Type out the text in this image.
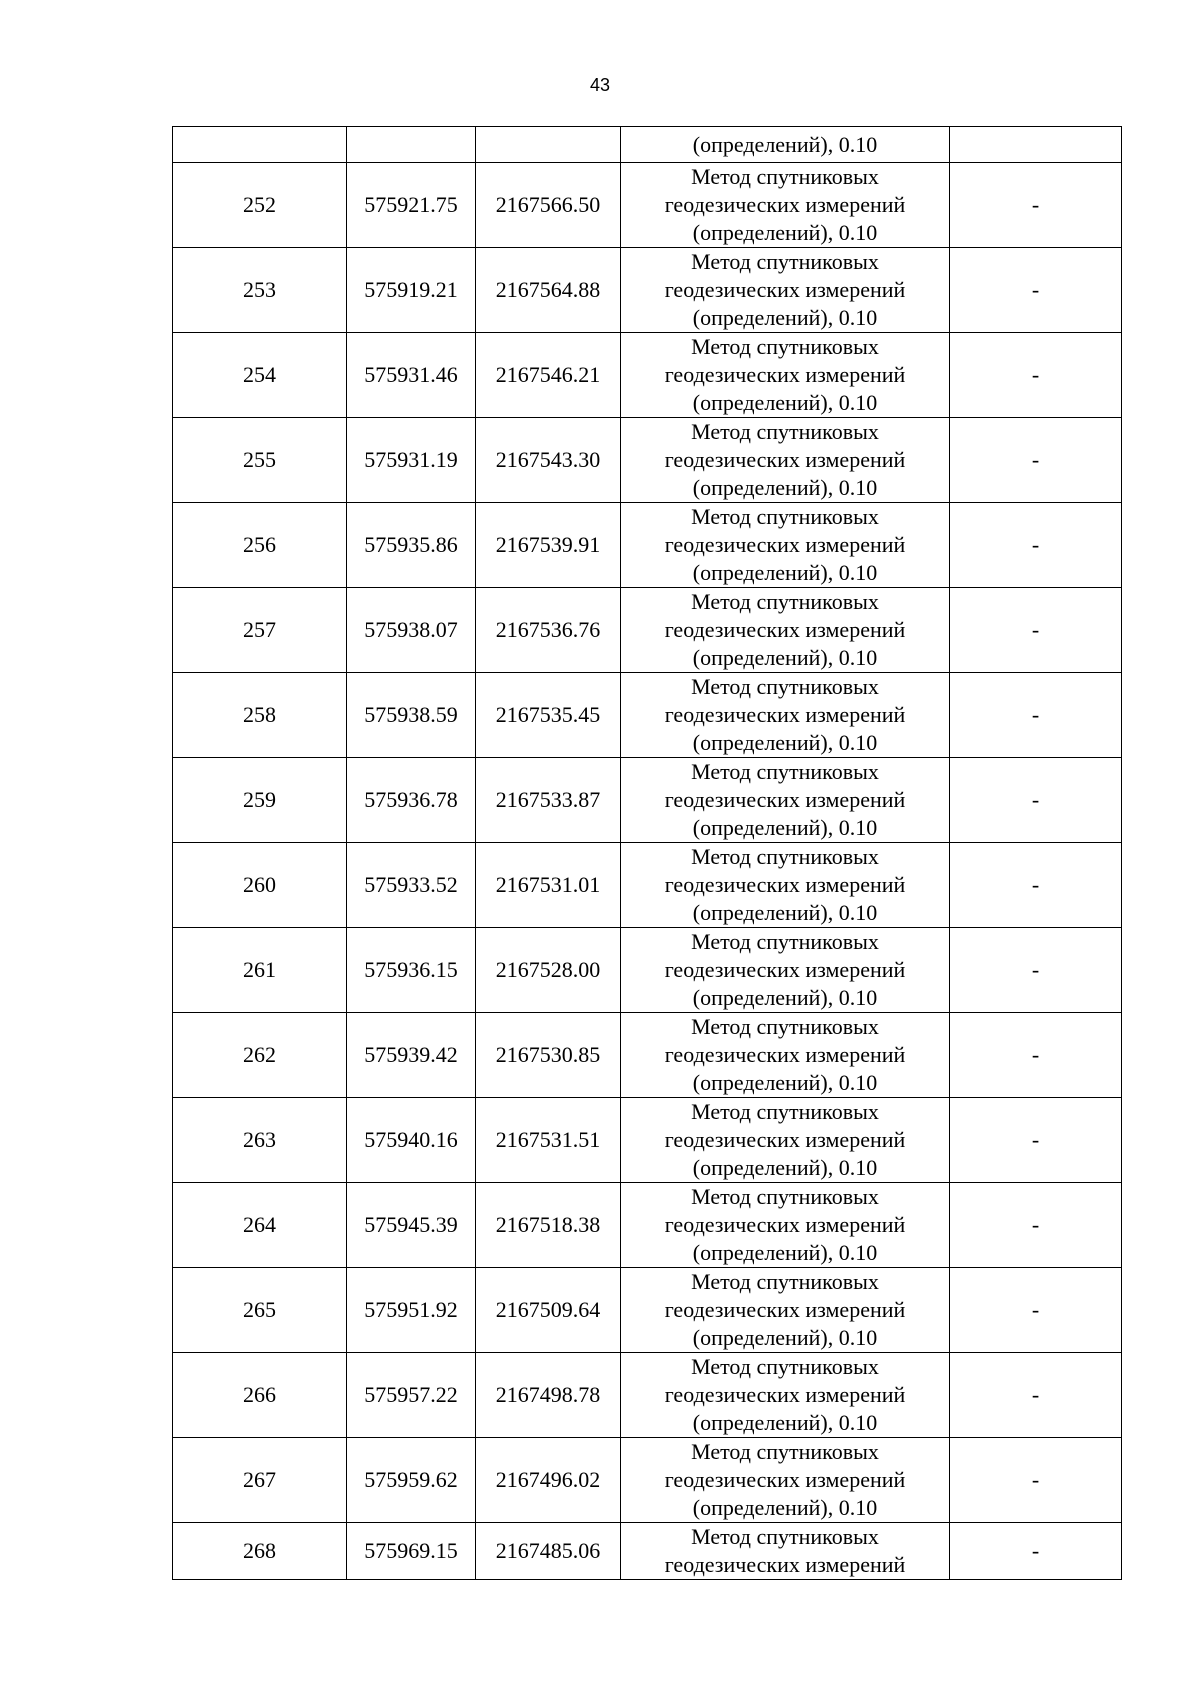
43
			(определений), 0.10	
252	575921.75	2167566.50	Метод спутниковых
геодезических измерений
(определений), 0.10	-
253	575919.21	2167564.88	Метод спутниковых
геодезических измерений
(определений), 0.10	-
254	575931.46	2167546.21	Метод спутниковых
геодезических измерений
(определений), 0.10	-
255	575931.19	2167543.30	Метод спутниковых
геодезических измерений
(определений), 0.10	-
256	575935.86	2167539.91	Метод спутниковых
геодезических измерений
(определений), 0.10	-
257	575938.07	2167536.76	Метод спутниковых
геодезических измерений
(определений), 0.10	-
258	575938.59	2167535.45	Метод спутниковых
геодезических измерений
(определений), 0.10	-
259	575936.78	2167533.87	Метод спутниковых
геодезических измерений
(определений), 0.10	-
260	575933.52	2167531.01	Метод спутниковых
геодезических измерений
(определений), 0.10	-
261	575936.15	2167528.00	Метод спутниковых
геодезических измерений
(определений), 0.10	-
262	575939.42	2167530.85	Метод спутниковых
геодезических измерений
(определений), 0.10	-
263	575940.16	2167531.51	Метод спутниковых
геодезических измерений
(определений), 0.10	-
264	575945.39	2167518.38	Метод спутниковых
геодезических измерений
(определений), 0.10	-
265	575951.92	2167509.64	Метод спутниковых
геодезических измерений
(определений), 0.10	-
266	575957.22	2167498.78	Метод спутниковых
геодезических измерений
(определений), 0.10	-
267	575959.62	2167496.02	Метод спутниковых
геодезических измерений
(определений), 0.10	-
268	575969.15	2167485.06	Метод спутниковых
геодезических измерений	-
